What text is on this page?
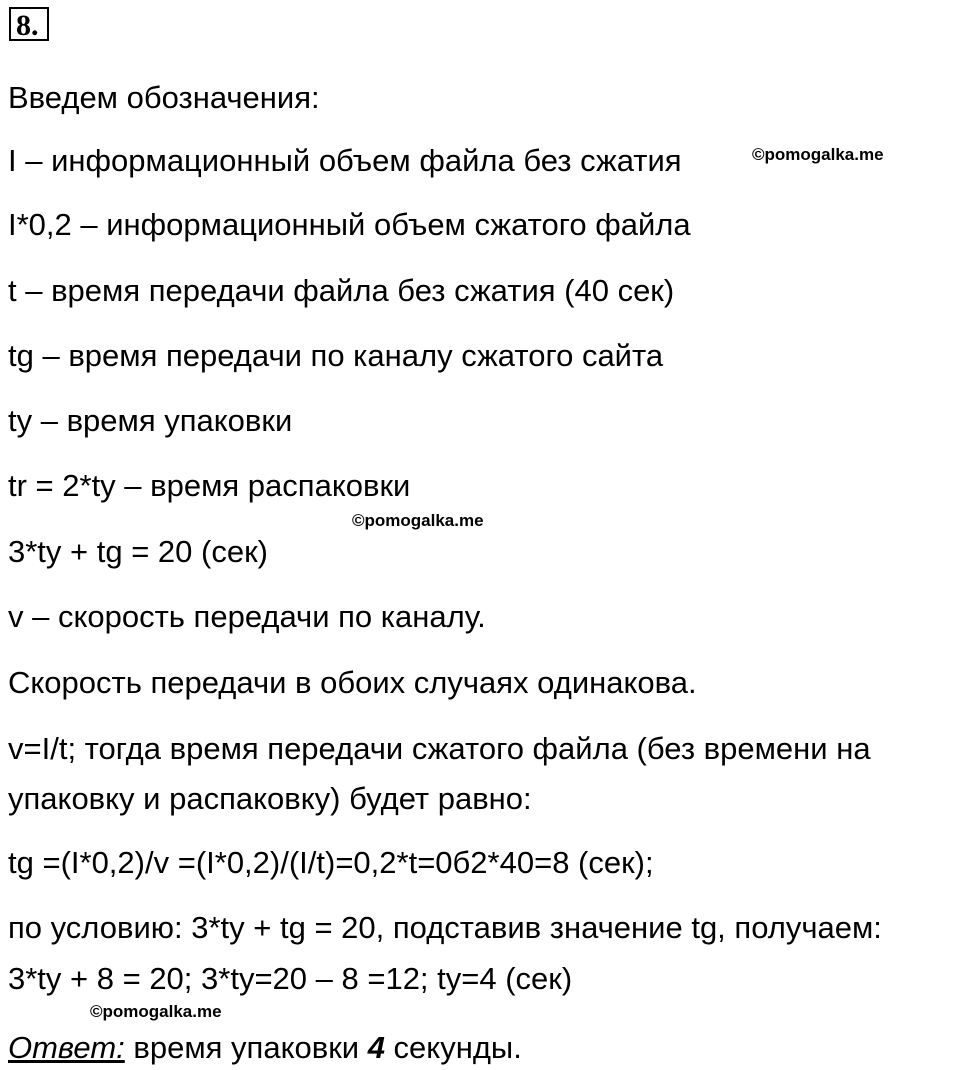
8.
Введем обозначения:
I – информационный объем файла без сжатия
I*0,2 – информационный объем сжатого файла
t – время передачи файла без сжатия (40 сек)
tg – время передачи по каналу сжатого сайта
ty – время упаковки
tr = 2*ty – время распаковки
3*ty + tg = 20 (сек)
v – скорость передачи по каналу.
Скорость передачи в обоих случаях одинакова.
v=I/t; тогда время передачи сжатого файла (без времени на
упаковку и распаковку) будет равно:
tg =(I*0,2)/v =(I*0,2)/(I/t)=0,2*t=0б2*40=8 (сек);
по условию: 3*ty + tg = 20, подставив значение tg, получаем:
3*ty + 8 = 20; 3*ty=20 – 8 =12; ty=4 (сек)
Ответ: время упаковки 4 секунды.
©pomogalka.me
©pomogalka.me
©pomogalka.me
